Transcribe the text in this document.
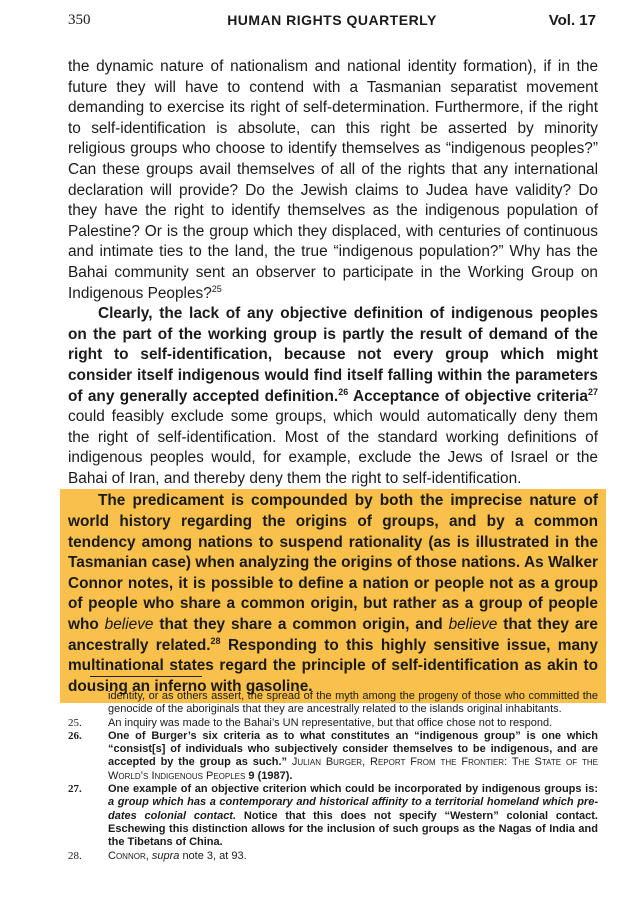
350	HUMAN RIGHTS QUARTERLY	Vol. 17

the dynamic nature of nationalism and national identity formation), if in the future they will have to contend with a Tasmanian separatist movement demanding to exercise its right of self-determination. Furthermore, if the right to self-identification is absolute, can this right be asserted by minority religious groups who choose to identify themselves as “indigenous peoples?” Can these groups avail themselves of all of the rights that any international declaration will provide? Do the Jewish claims to Judea have validity? Do they have the right to identify themselves as the indigenous population of Palestine? Or is the group which they displaced, with centuries of continuous and intimate ties to the land, the true “indigenous population?” Why has the Bahai community sent an observer to participate in the Working Group on Indigenous Peoples?$^{25}$

Clearly, the lack of any objective definition of indigenous peoples on the part of the working group is partly the result of demand of the right to self-identification, because not every group which might consider itself indigenous would find itself falling within the parameters of any generally accepted definition.$^{26}$ Acceptance of objective criteria$^{27}$ could feasibly exclude some groups, which would automatically deny them the right of self-identification. Most of the standard working definitions of indigenous peoples would, for example, exclude the Jews of Israel or the Bahai of Iran, and thereby deny them the right to self-identification.

The predicament is compounded by both the imprecise nature of world history regarding the origins of groups, and by a common tendency among nations to suspend rationality (as is illustrated in the Tasmanian case) when analyzing the origins of those nations. As Walker Connor notes, it is possible to define a nation or people not as a group of people who share a common origin, but rather as a group of people who believe that they share a common origin, and believe that they are ancestrally related.$^{28}$ Responding to this highly sensitive issue, many multinational states regard the principle of self-identification as akin to dousing an inferno with gasoline.

identity, or as others assert, the spread of the myth among the progeny of those who committed the genocide of the aboriginals that they are ancestrally related to the islands original inhabitants.

25.	An inquiry was made to the Bahai’s UN representative, but that office chose not to respond.

26.	One of Burger’s six criteria as to what constitutes an “indigenous group” is one which “consist[s] of individuals who subjectively consider themselves to be indigenous, and are accepted by the group as such.” Julian Burger, Report From the Frontier: The State of the World’s Indigenous Peoples 9 (1987).

27.	One example of an objective criterion which could be incorporated by indigenous groups is: a group which has a contemporary and historical affinity to a territorial homeland which pre-dates colonial contact. Notice that this does not specify “Western” colonial contact. Eschewing this distinction allows for the inclusion of such groups as the Nagas of India and the Tibetans of China.

28.	Connor, supra note 3, at 93.
